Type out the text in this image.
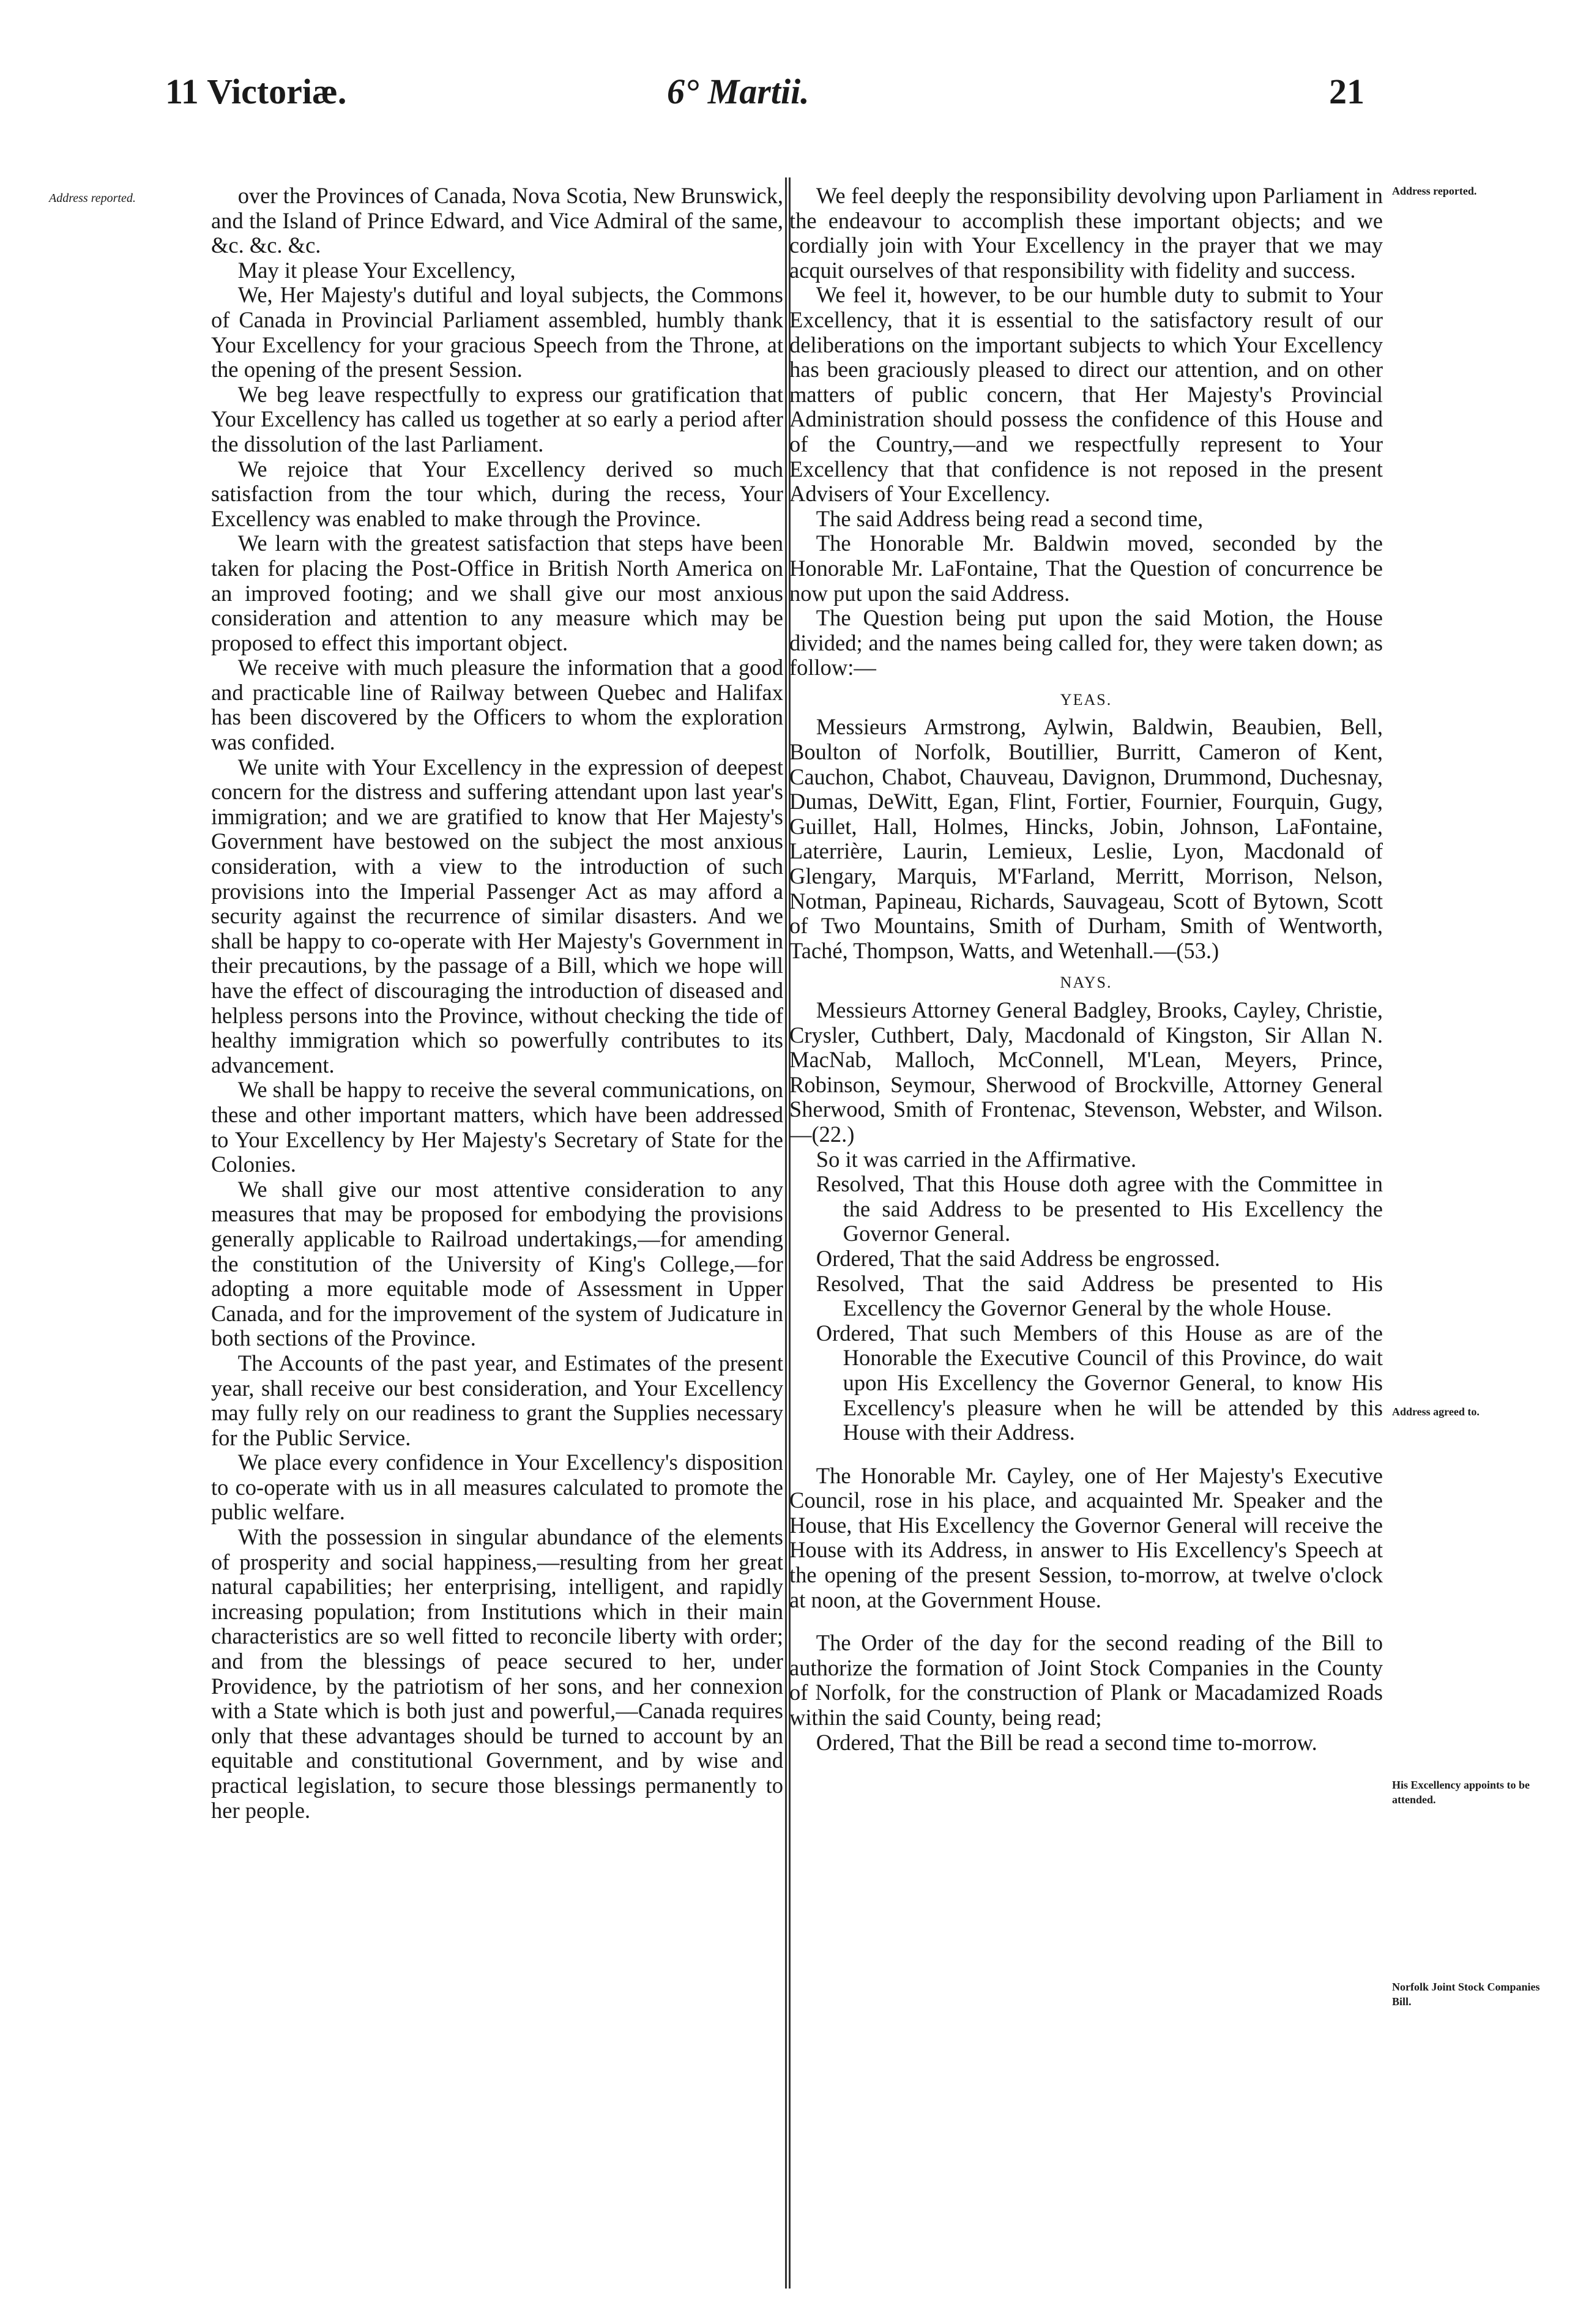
11 Victoriæ.	6° Martii.	21
Address reported.
Address reported.
Address agreed to.
His Excellency appoints to be attended.
Norfolk Joint Stock Companies Bill.

over the Provinces of Canada, Nova Scotia, New Brunswick, and the Island of Prince Edward, and Vice Admiral of the same, &c. &c. &c.

May it please Your Excellency,

We, Her Majesty's dutiful and loyal subjects, the Commons of Canada in Provincial Parliament assembled, humbly thank Your Excellency for your gracious Speech from the Throne, at the opening of the present Session.

We beg leave respectfully to express our gratification that Your Excellency has called us together at so early a period after the dissolution of the last Parliament.

We rejoice that Your Excellency derived so much satisfaction from the tour which, during the recess, Your Excellency was enabled to make through the Province.

We learn with the greatest satisfaction that steps have been taken for placing the Post-Office in British North America on an improved footing; and we shall give our most anxious consideration and attention to any measure which may be proposed to effect this important object.

We receive with much pleasure the information that a good and practicable line of Railway between Quebec and Halifax has been discovered by the Officers to whom the exploration was confided.

We unite with Your Excellency in the expression of deepest concern for the distress and suffering attendant upon last year's immigration; and we are gratified to know that Her Majesty's Government have bestowed on the subject the most anxious consideration, with a view to the introduction of such provisions into the Imperial Passenger Act as may afford a security against the recurrence of similar disasters. And we shall be happy to co-operate with Her Majesty's Government in their precautions, by the passage of a Bill, which we hope will have the effect of discouraging the introduction of diseased and helpless persons into the Province, without checking the tide of healthy immigration which so powerfully contributes to its advancement.

We shall be happy to receive the several communications, on these and other important matters, which have been addressed to Your Excellency by Her Majesty's Secretary of State for the Colonies.

We shall give our most attentive consideration to any measures that may be proposed for embodying the provisions generally applicable to Railroad undertakings,—for amending the constitution of the University of King's College,—for adopting a more equitable mode of Assessment in Upper Canada, and for the improvement of the system of Judicature in both sections of the Province.

The Accounts of the past year, and Estimates of the present year, shall receive our best consideration, and Your Excellency may fully rely on our readiness to grant the Supplies necessary for the Public Service.

We place every confidence in Your Excellency's disposition to co-operate with us in all measures calculated to promote the public welfare.

With the possession in singular abundance of the elements of prosperity and social happiness,—resulting from her great natural capabilities; her enterprising, intelligent, and rapidly increasing population; from Institutions which in their main characteristics are so well fitted to reconcile liberty with order; and from the blessings of peace secured to her, under Providence, by the patriotism of her sons, and her connexion with a State which is both just and powerful,—Canada requires only that these advantages should be turned to account by an equitable and constitutional Government, and by wise and practical legislation, to secure those blessings permanently to her people.

We feel deeply the responsibility devolving upon Parliament in the endeavour to accomplish these important objects; and we cordially join with Your Excellency in the prayer that we may acquit ourselves of that responsibility with fidelity and success.

We feel it, however, to be our humble duty to submit to Your Excellency, that it is essential to the satisfactory result of our deliberations on the important subjects to which Your Excellency has been graciously pleased to direct our attention, and on other matters of public concern, that Her Majesty's Provincial Administration should possess the confidence of this House and of the Country,—and we respectfully represent to Your Excellency that that confidence is not reposed in the present Advisers of Your Excellency.

The said Address being read a second time,

The Honorable Mr. Baldwin moved, seconded by the Honorable Mr. LaFontaine, That the Question of concurrence be now put upon the said Address.

The Question being put upon the said Motion, the House divided; and the names being called for, they were taken down; as follow:—

YEAS.

Messieurs Armstrong, Aylwin, Baldwin, Beaubien, Bell, Boulton of Norfolk, Boutillier, Burritt, Cameron of Kent, Cauchon, Chabot, Chauveau, Davignon, Drummond, Duchesnay, Dumas, DeWitt, Egan, Flint, Fortier, Fournier, Fourquin, Gugy, Guillet, Hall, Holmes, Hincks, Jobin, Johnson, LaFontaine, Laterrière, Laurin, Lemieux, Leslie, Lyon, Macdonald of Glengary, Marquis, M'Farland, Merritt, Morrison, Nelson, Notman, Papineau, Richards, Sauvageau, Scott of Bytown, Scott of Two Mountains, Smith of Durham, Smith of Wentworth, Taché, Thompson, Watts, and Wetenhall.—(53.)

NAYS.

Messieurs Attorney General Badgley, Brooks, Cayley, Christie, Crysler, Cuthbert, Daly, Macdonald of Kingston, Sir Allan N. MacNab, Malloch, McConnell, M'Lean, Meyers, Prince, Robinson, Seymour, Sherwood of Brockville, Attorney General Sherwood, Smith of Frontenac, Stevenson, Webster, and Wilson.—(22.)

So it was carried in the Affirmative.

Resolved, That this House doth agree with the Committee in the said Address to be presented to His Excellency the Governor General.

Ordered, That the said Address be engrossed.

Resolved, That the said Address be presented to His Excellency the Governor General by the whole House.

Ordered, That such Members of this House as are of the Honorable the Executive Council of this Province, do wait upon His Excellency the Governor General, to know His Excellency's pleasure when he will be attended by this House with their Address.

The Honorable Mr. Cayley, one of Her Majesty's Executive Council, rose in his place, and acquainted Mr. Speaker and the House, that His Excellency the Governor General will receive the House with its Address, in answer to His Excellency's Speech at the opening of the present Session, to-morrow, at twelve o'clock at noon, at the Government House.

The Order of the day for the second reading of the Bill to authorize the formation of Joint Stock Companies in the County of Norfolk, for the construction of Plank or Macadamized Roads within the said County, being read;

Ordered, That the Bill be read a second time to-morrow.
